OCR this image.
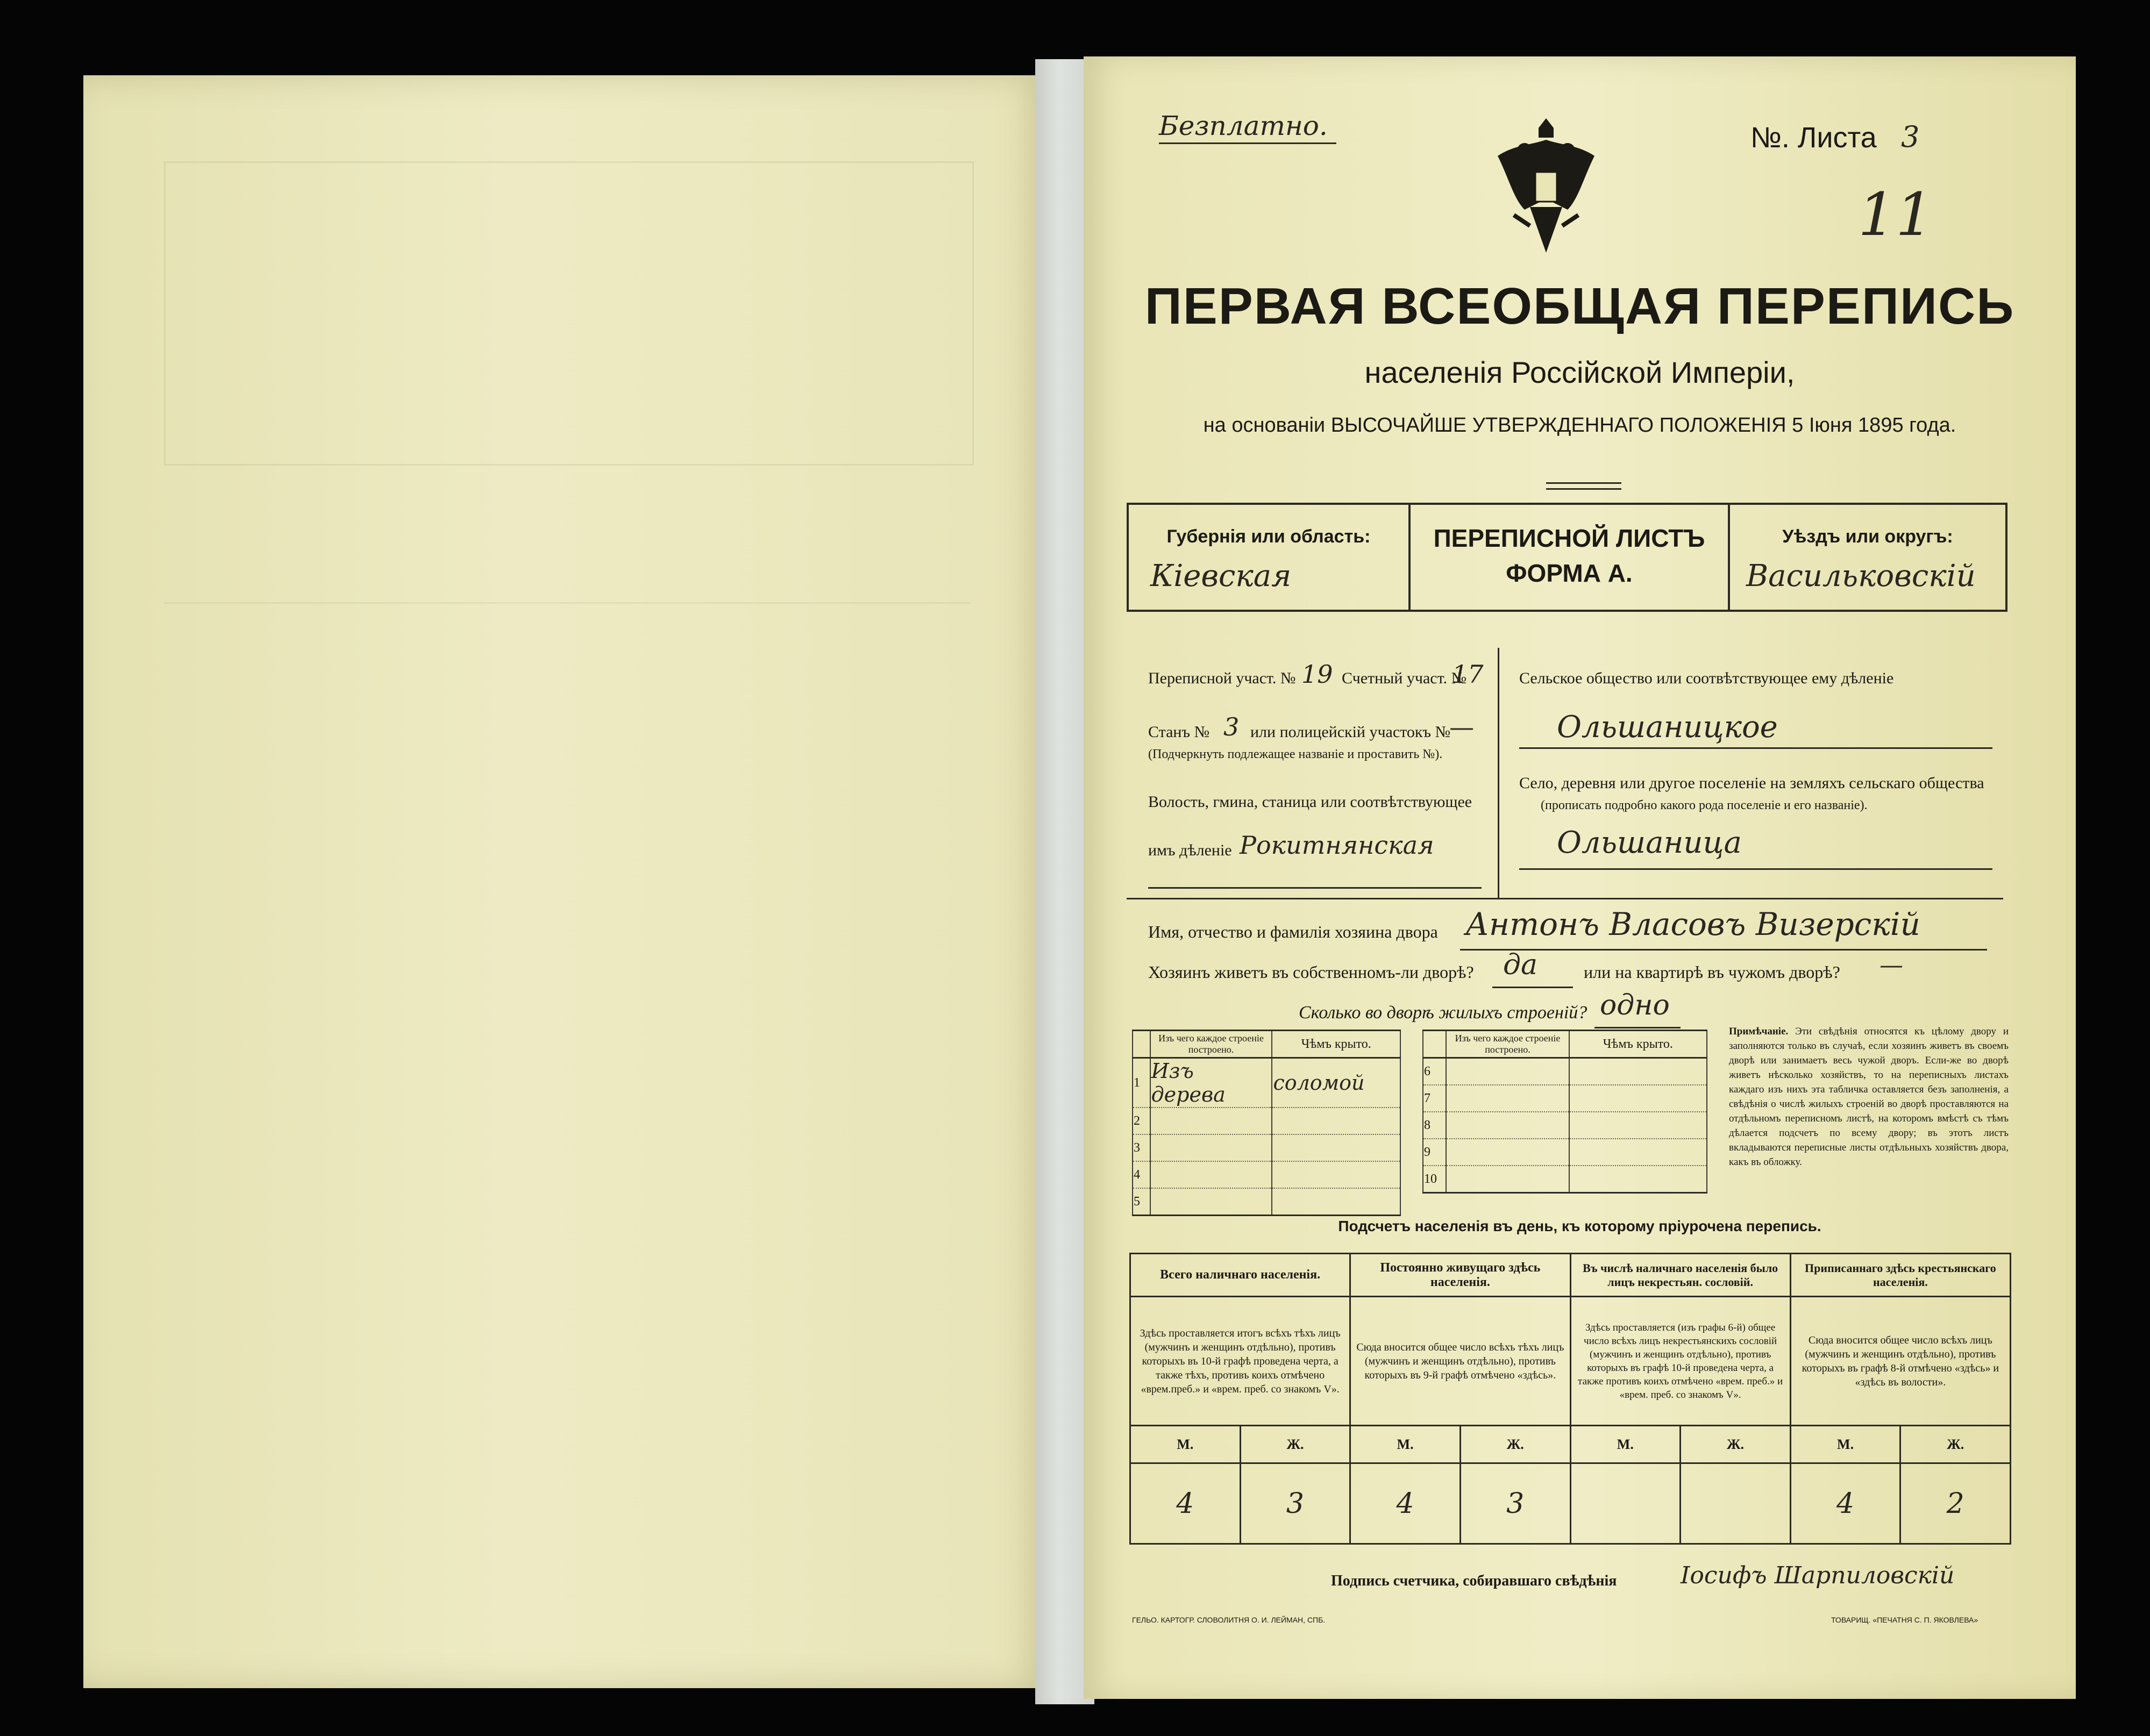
Безплатно.	№. Листа 3
11
ПЕРВАЯ ВСЕОБЩАЯ ПЕРЕПИСЬ
населенія Россійской Имперіи,
на основаніи ВЫСОЧАЙШЕ УТВЕРЖДЕННАГО ПОЛОЖЕНІЯ 5 Іюня 1895 года.
Губернія или область:
Кіевская
ПЕРЕПИСНОЙ ЛИСТЪ
ФОРМА А.
Уѣздъ или округъ:
Васильковскій
Переписной участ. № 19 Счетный участ. №
17
Станъ № 3 или полицейскій участокъ №
—
(Подчеркнуть подлежащее названіе и проставить №).
Волость, гмина, станица или соотвѣтствующее
имъ дѣленіе Рокитнянская
Сельское общество или соотвѣтствующее ему дѣленіе
Ольшаницкое
Село, деревня или другое поселеніе на земляхъ сельскаго общества
(прописать подробно какого рода поселеніе и его названіе).
Ольшаница
Имя, отчество и фамилія хозяина двора Антонъ Власовъ Визерскій
Хозяинъ живетъ въ собственномъ-ли дворѣ? да	или на квартирѣ въ чужомъ дворѣ? —
Сколько во дворѣ жилыхъ строеній? одно
	Изъ чего каждое строеніе построено.	Чѣмъ крыто.
1	Изъ дерева	соломой
2		
3		
4		
5		
	Изъ чего каждое строеніе построено.	Чѣмъ крыто.
6		
7		
8		
9		
10		
Примѣчаніе. Эти свѣдѣнія относятся къ цѣлому двору и заполняются только въ случаѣ, если хозяинъ живетъ въ своемъ дворѣ или занимаетъ весь чужой дворъ. Если-же во дворѣ живетъ нѣсколько хозяйствъ, то на переписныхъ листахъ каждаго изъ нихъ эта табличка оставляется безъ заполненія, а свѣдѣнія о числѣ жилыхъ строеній во дворѣ проставляются на отдѣльномъ переписномъ листѣ, на которомъ вмѣстѣ съ тѣмъ дѣлается подсчетъ по всему двору; въ этотъ листъ вкладываются переписные листы отдѣльныхъ хозяйствъ двора, какъ въ обложку.
Подсчетъ населенія въ день, къ которому пріурочена перепись.
Всего наличнаго населенія.		Постоянно живущаго здѣсь населенія.		Въ числѣ наличнаго населенія было лицъ некрестьян. сословій.		Приписаннаго здѣсь крестьянскаго населенія.	
Здѣсь проставляется итогъ всѣхъ тѣхъ лицъ (мужчинъ и женщинъ отдѣльно), противъ которыхъ въ 10-й графѣ проведена черта, а также тѣхъ, противъ коихъ отмѣчено «врем.преб.» и «врем. преб. со знакомъ V».		Сюда вносится общее число всѣхъ тѣхъ лицъ (мужчинъ и женщинъ отдѣльно), противъ которыхъ въ 9-й графѣ отмѣчено «здѣсь».		Здѣсь проставляется (изъ графы 6-й) общее число всѣхъ лицъ некрестьянскихъ сословій (мужчинъ и женщинъ отдѣльно), противъ которыхъ въ графѣ 10-й проведена черта, а также противъ коихъ отмѣчено «врем. преб.» и «врем. преб. со знакомъ V».		Сюда вносится общее число всѣхъ лицъ (мужчинъ и женщинъ отдѣльно), противъ которыхъ въ графѣ 8-й отмѣчено «здѣсь» и «здѣсь въ волости».	
М.	Ж.	М.	Ж.	М.	Ж.	М.	Ж.
4	3	4	3			4	2
Подпись счетчика, собиравшаго свѣдѣнія	Іосифъ Шарпиловскій
ГЕЛЬО. КАРТОГР. СЛОВОЛИТНЯ О. И. ЛЕЙМАН, СПБ.	ТОВАРИЩ. «ПЕЧАТНЯ С. П. ЯКОВЛЕВА»
